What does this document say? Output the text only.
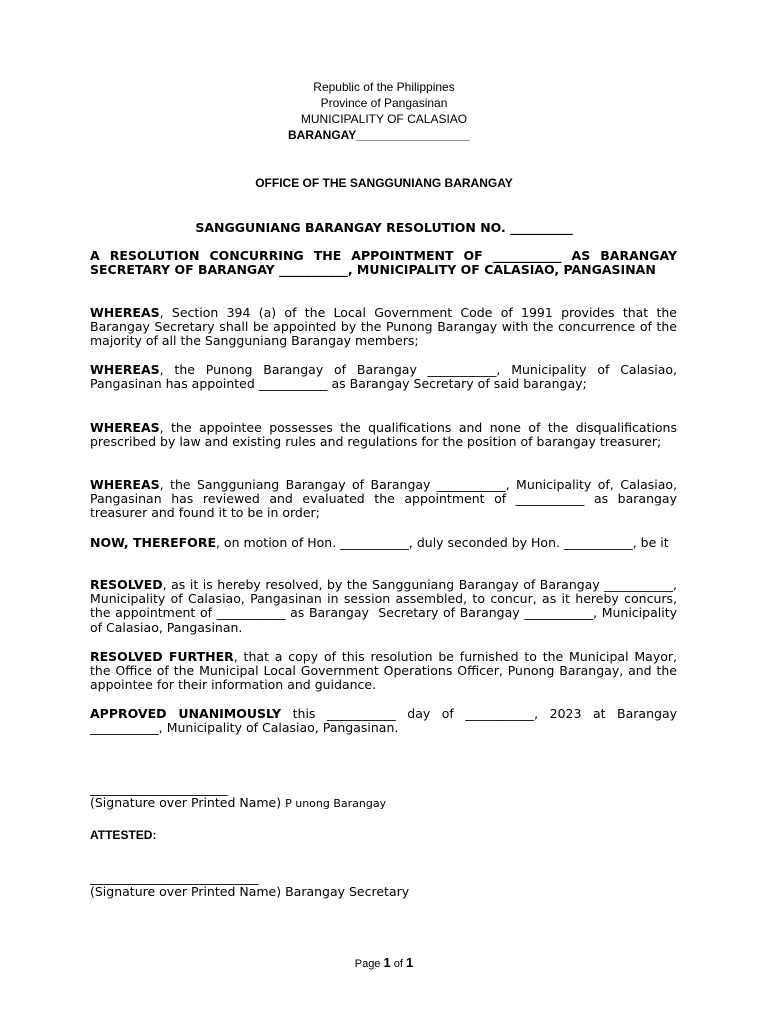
Republic of the Philippines
Province of Pangasinan
MUNICIPALITY OF CALASIAO
BARANGAY_________________
OFFICE OF THE SANGGUNIANG BARANGAY
SANGGUNIANG BARANGAY RESOLUTION NO. __________
A RESOLUTION CONCURRING THE APPOINTMENT OF ___________ AS BARANGAY SECRETARY OF BARANGAY ___________, MUNICIPALITY OF CALASIAO, PANGASINAN
WHEREAS, Section 394 (a) of the Local Government Code of 1991 provides that the Barangay Secretary shall be appointed by the Punong Barangay with the concurrence of the majority of all the Sangguniang Barangay members;
WHEREAS, the Punong Barangay of Barangay ___________, Municipality of Calasiao, Pangasinan has appointed ___________ as Barangay Secretary of said barangay;
WHEREAS, the appointee possesses the qualifications and none of the disqualifications prescribed by law and existing rules and regulations for the position of barangay treasurer;
WHEREAS, the Sangguniang Barangay of Barangay ___________, Municipality of, Calasiao, Pangasinan has reviewed and evaluated the appointment of ___________ as barangay treasurer and found it to be in order;
NOW, THEREFORE, on motion of Hon. ___________, duly seconded by Hon. ___________, be it
RESOLVED, as it is hereby resolved, by the Sangguniang Barangay of Barangay ___________, Municipality of Calasiao, Pangasinan in session assembled, to concur, as it hereby concurs, the appointment of ___________ as Barangay  Secretary of Barangay ___________, Municipality of Calasiao, Pangasinan.
RESOLVED FURTHER, that a copy of this resolution be furnished to the Municipal Mayor, the Office of the Municipal Local Government Operations Officer, Punong Barangay, and the appointee for their information and guidance.
APPROVED UNANIMOUSLY this ___________ day of ___________, 2023 at Barangay ___________, Municipality of Calasiao, Pangasinan.
______________________
(Signature over Printed Name) P unong Barangay
ATTESTED:
___________________________
(Signature over Printed Name) Barangay Secretary
Page 1 of 1
